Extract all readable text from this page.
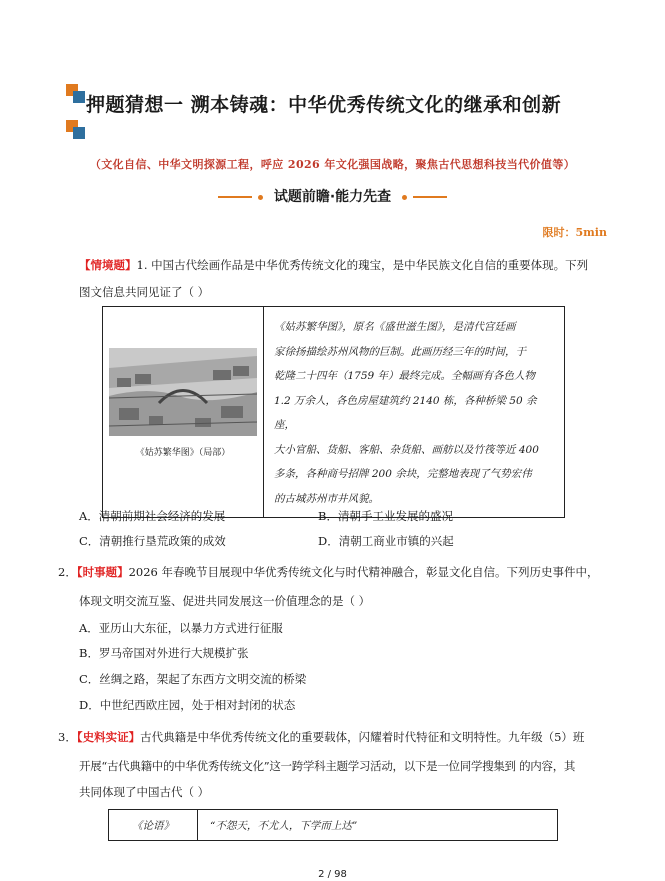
押题猜想一 溯本铸魂：中华优秀传统文化的继承和创新
（文化自信、中华文明探源工程，呼应 2026 年文化强国战略，聚焦古代思想科技当代价值等）
试题前瞻·能力先查
限时：5min
【情境题】1. 中国古代绘画作品是中华优秀传统文化的瑰宝，是中华民族文化自信的重要体现。下列
图文信息共同见证了（ ）
《姑苏繁华图》（局部）

《姑苏繁华图》，原名《盛世滋生图》，是清代宫廷画
家徐扬描绘苏州风物的巨制。此画历经三年的时间，于
乾隆二十四年（1759 年）最终完成。全幅画有各色人物
1.2 万余人，各色房屋建筑约 2140 栋，各种桥梁 50 余座，
大小官船、货船、客船、杂货船、画舫以及竹筏等近 400
多条，各种商号招牌 200 余块，完整地表现了气势宏伟
的古城苏州市井风貌。
A．清朝前期社会经济的发展	B．清朝手工业发展的盛况
C．清朝推行垦荒政策的成效	D．清朝工商业市镇的兴起
2．【时事题】2026 年春晚节目展现中华优秀传统文化与时代精神融合，彰显文化自信。下列历史事件中，
体现文明交流互鉴、促进共同发展这一价值理念的是（ ）
A．亚历山大东征，以暴力方式进行征服
B．罗马帝国对外进行大规模扩张
C．丝绸之路，架起了东西方文明交流的桥梁
D．中世纪西欧庄园，处于相对封闭的状态
3．【史料实证】古代典籍是中华优秀传统文化的重要载体，闪耀着时代特征和文明特性。九年级（5）班
开展“古代典籍中的中华优秀传统文化”这一跨学科主题学习活动，以下是一位同学搜集到 的内容，其
共同体现了中国古代（ ）
《论语》	“不怨天，不尤人，下学而上达”
2 / 98
